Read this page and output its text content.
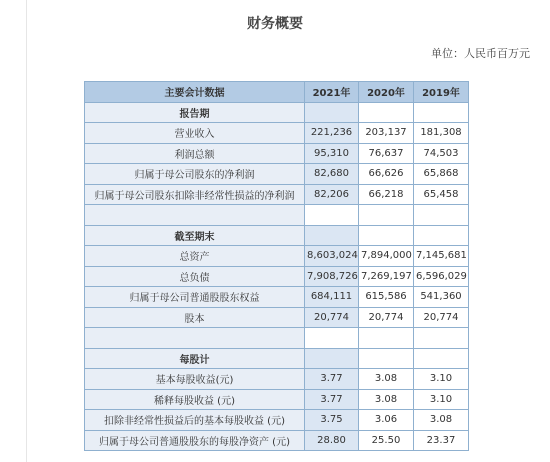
财务概要
单位：人民币百万元
主要会计数据	2021年	2020年	2019年
报告期			
营业收入	221,236	203,137	181,308
利润总额	95,310	76,637	74,503
归属于母公司股东的净利润	82,680	66,626	65,868
归属于母公司股东扣除非经常性损益的净利润	82,206	66,218	65,458

截至期末			
总资产	8,603,024	7,894,000	7,145,681
总负债	7,908,726	7,269,197	6,596,029
归属于母公司普通股股东权益	684,111	615,586	541,360
股本	20,774	20,774	20,774

每股计			
基本每股收益(元)	3.77	3.08	3.10
稀释每股收益 (元)	3.77	3.08	3.10
扣除非经常性损益后的基本每股收益 (元)	3.75	3.06	3.08
归属于母公司普通股股东的每股净资产 (元)	28.80	25.50	23.37
